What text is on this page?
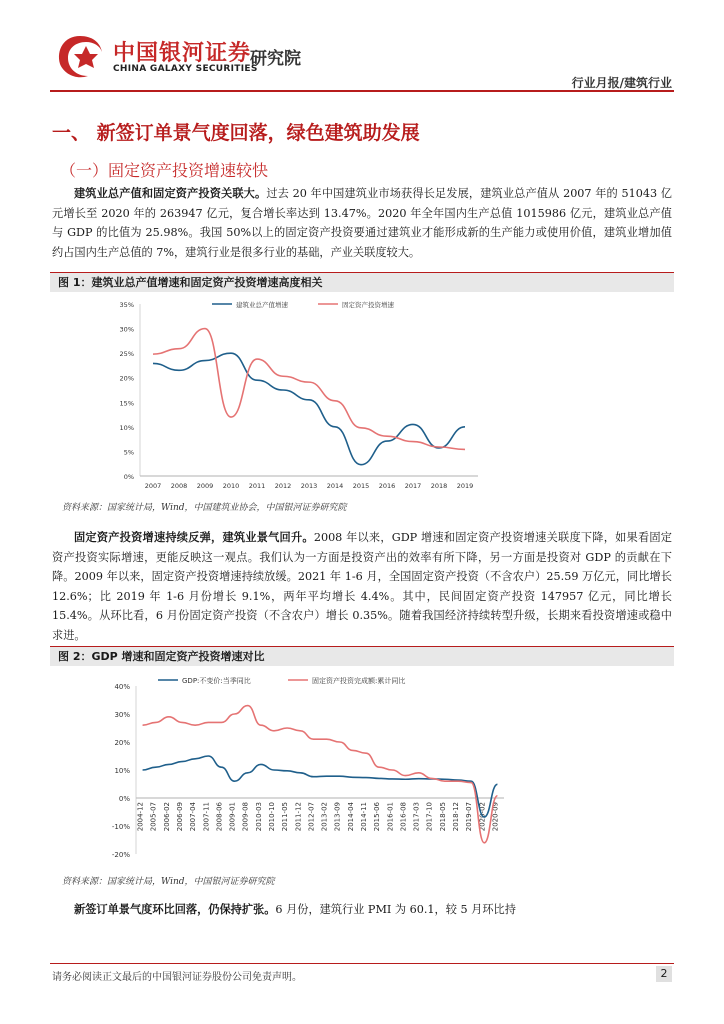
中国银河证券
CHINA GALAXY SECURITIES
研究院
行业月报/建筑行业
一、 新签订单景气度回落，绿色建筑助发展
（一）固定资产投资增速较快
建筑业总产值和固定资产投资关联大。过去 20 年中国建筑业市场获得长足发展，建筑业总产值从 2007 年的 51043 亿元增长至 2020 年的 263947 亿元，复合增长率达到 13.47%。2020 年全年国内生产总值 1015986 亿元，建筑业总产值与 GDP 的比值为 25.98%。我国 50%以上的固定资产投资要通过建筑业才能形成新的生产能力或使用价值，建筑业增加值约占国内生产总值的 7%，建筑行业是很多行业的基础，产业关联度较大。
图 1：建筑业总产值增速和固定资产投资增速高度相关
0%
5%
10%
15%
20%
25%
30%
35%
2007 2008 2009 2010 2011 2012 2013 2014 2015 2016 2017 2018 2019
建筑业总产值增速	固定资产投资增速
资料来源：国家统计局，Wind，中国建筑业协会，中国银河证券研究院
固定资产投资增速持续反弹，建筑业景气回升。2008 年以来，GDP 增速和固定资产投资增速关联度下降，如果看固定资产投资实际增速，更能反映这一观点。我们认为一方面是投资产出的效率有所下降，另一方面是投资对 GDP 的贡献在下降。2009 年以来，固定资产投资增速持续放缓。2021 年 1-6 月，全国固定资产投资（不含农户）25.59 万亿元，同比增长 12.6%；比 2019 年 1-6 月份增长 9.1%，两年平均增长 4.4%。其中，民间固定资产投资 147957 亿元，同比增长 15.4%。从环比看，6 月份固定资产投资（不含农户）增长 0.35%。随着我国经济持续转型升级，长期来看投资增速或稳中求进。
图 2：GDP 增速和固定资产投资增速对比
-20%
-10%
0%
10%
20%
30%
40%
2004-12 2005-07 2006-02 2006-09 2007-04 2007-11 2008-06 2009-01 2009-08 2010-03 2010-10 2011-05 2011-12 2012-07 2013-02 2013-09 2014-04 2014-11 2015-06 2016-01 2016-08 2017-03 2017-10 2018-05 2018-12 2019-07 2020-02 2020-09
GDP:不变价:当季同比	固定资产投资完成额:累计同比
资料来源：国家统计局，Wind，中国银河证券研究院
新签订单景气度环比回落，仍保持扩张。6 月份，建筑行业 PMI 为 60.1，较 5 月环比持
请务必阅读正文最后的中国银河证券股份公司免责声明。	2
